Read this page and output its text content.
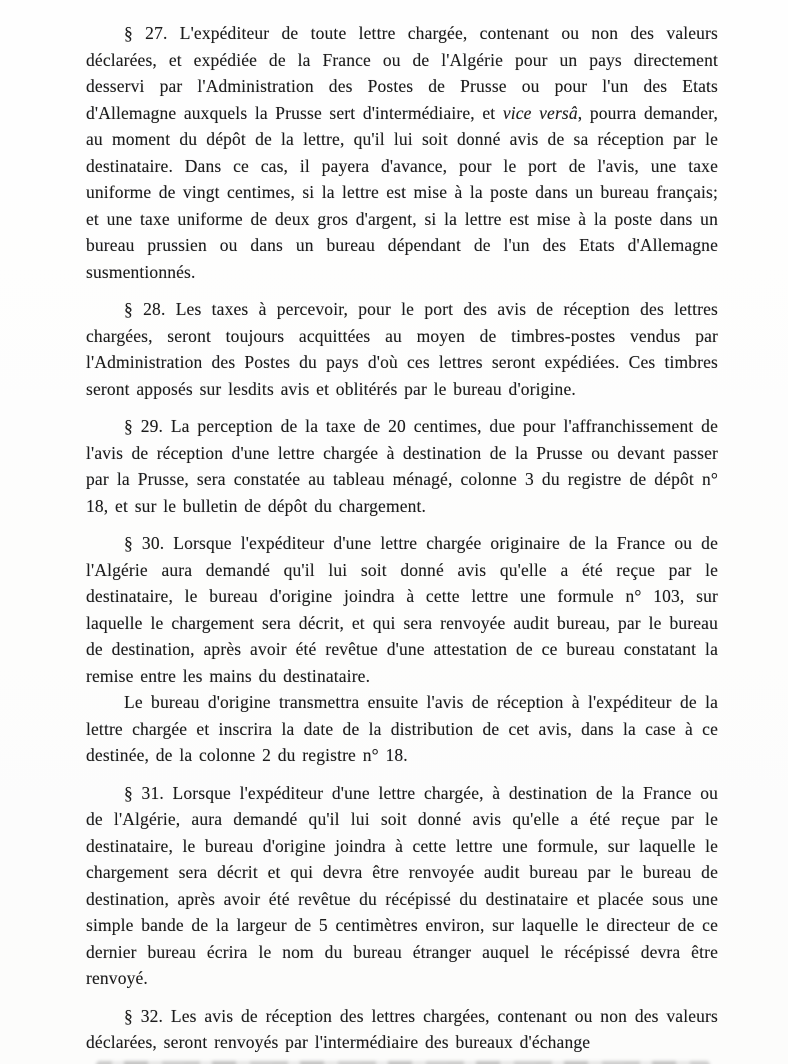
§ 27. L'expéditeur de toute lettre chargée, contenant ou non des valeurs déclarées, et expédiée de la France ou de l'Algérie pour un pays directement desservi par l'Administration des Postes de Prusse ou pour l'un des Etats d'Allemagne auxquels la Prusse sert d'intermédiaire, et vice versâ, pourra demander, au moment du dépôt de la lettre, qu'il lui soit donné avis de sa réception par le destinataire. Dans ce cas, il payera d'avance, pour le port de l'avis, une taxe uniforme de vingt centimes, si la lettre est mise à la poste dans un bureau français; et une taxe uniforme de deux gros d'argent, si la lettre est mise à la poste dans un bureau prussien ou dans un bureau dépendant de l'un des Etats d'Allemagne susmentionnés.

§ 28. Les taxes à percevoir, pour le port des avis de réception des lettres chargées, seront toujours acquittées au moyen de timbres-postes vendus par l'Administration des Postes du pays d'où ces lettres seront expédiées. Ces timbres seront apposés sur lesdits avis et oblitérés par le bureau d'origine.

§ 29. La perception de la taxe de 20 centimes, due pour l'affranchissement de l'avis de réception d'une lettre chargée à destination de la Prusse ou devant passer par la Prusse, sera constatée au tableau ménagé, colonne 3 du registre de dépôt n° 18, et sur le bulletin de dépôt du chargement.

§ 30. Lorsque l'expéditeur d'une lettre chargée originaire de la France ou de l'Algérie aura demandé qu'il lui soit donné avis qu'elle a été reçue par le destinataire, le bureau d'origine joindra à cette lettre une formule n° 103, sur laquelle le chargement sera décrit, et qui sera renvoyée audit bureau, par le bureau de destination, après avoir été revêtue d'une attestation de ce bureau constatant la remise entre les mains du destinataire.

Le bureau d'origine transmettra ensuite l'avis de réception à l'expéditeur de la lettre chargée et inscrira la date de la distribution de cet avis, dans la case à ce destinée, de la colonne 2 du registre n° 18.

§ 31. Lorsque l'expéditeur d'une lettre chargée, à destination de la France ou de l'Algérie, aura demandé qu'il lui soit donné avis qu'elle a été reçue par le destinataire, le bureau d'origine joindra à cette lettre une formule, sur laquelle le chargement sera décrit et qui devra être renvoyée audit bureau par le bureau de destination, après avoir été revêtue du récépissé du destinataire et placée sous une simple bande de la largeur de 5 centimètres environ, sur laquelle le directeur de ce dernier bureau écrira le nom du bureau étranger auquel le récépissé devra être renvoyé.

§ 32. Les avis de réception des lettres chargées, contenant ou non des valeurs déclarées, seront renvoyés par l'intermédiaire des bureaux d'échange
